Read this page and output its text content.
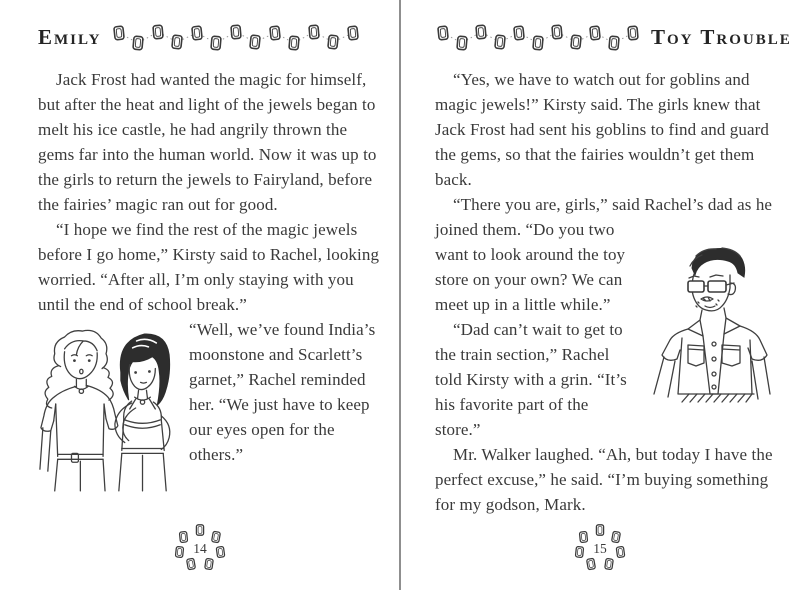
Emily

Jack Frost had wanted the magic for himself, but after the heat and light of the jewels began to melt his ice castle, he had angrily thrown the gems far into the human world. Now it was up to the girls to return the jewels to Fairyland, before the fairies’ magic ran out for good.

“I hope we find the rest of the magic jewels before I go home,” Kirsty said to Rachel, looking worried. “After all, I’m only staying with you until the end of school break.”

“Well, we’ve found India’s moonstone and Scarlett’s garnet,” Rachel reminded her. “We just have to keep our eyes open for the others.”

14
Toy Trouble

“Yes, we have to watch out for goblins and magic jewels!” Kirsty said. The girls knew that Jack Frost had sent his goblins to find and guard the gems, so that the fairies wouldn’t get them back.

“There you are, girls,” said Rachel’s dad as he joined them. “Do you two

want to look around the toy store on your own? We can meet up in a little while.”

“Dad can’t wait to get to the train section,” Rachel told Kirsty with a grin. “It’s his favorite part of the store.”

Mr. Walker laughed. “Ah, but today I have the perfect excuse,” he said. “I’m buying something for my godson, Mark.

15
